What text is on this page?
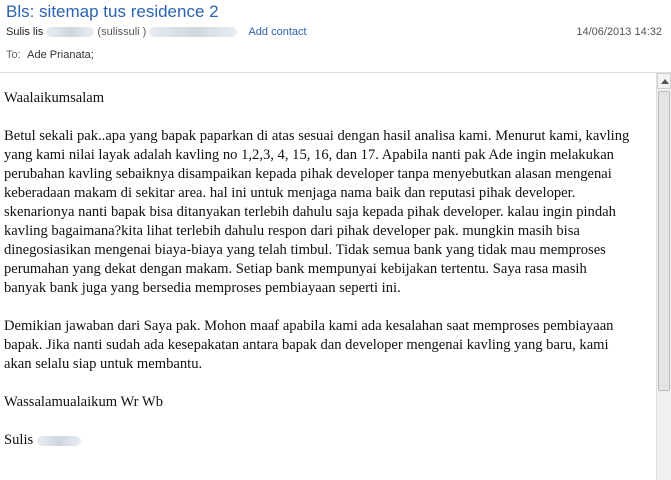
Bls: sitemap tus residence 2
Sulis lis	(sulissuli )	Add contact	14/06/2013 14:32
To: Ade Prianata;

Waalaikumsalam

Betul sekali pak..apa yang bapak paparkan di atas sesuai dengan hasil analisa kami. Menurut kami, kavling
yang kami nilai layak adalah kavling no 1,2,3, 4, 15, 16, dan 17. Apabila nanti pak Ade ingin melakukan
perubahan kavling sebaiknya disampaikan kepada pihak developer tanpa menyebutkan alasan mengenai
keberadaan makam di sekitar area. hal ini untuk menjaga nama baik dan reputasi pihak developer.
skenarionya nanti bapak bisa ditanyakan terlebih dahulu saja kepada pihak developer. kalau ingin pindah
kavling bagaimana?kita lihat terlebih dahulu respon dari pihak developer pak. mungkin masih bisa
dinegosiasikan mengenai biaya-biaya yang telah timbul. Tidak semua bank yang tidak mau memproses
perumahan yang dekat dengan makam. Setiap bank mempunyai kebijakan tertentu. Saya rasa masih
banyak bank juga yang bersedia memproses pembiayaan seperti ini.

Demikian jawaban dari Saya pak. Mohon maaf apabila kami ada kesalahan saat memproses pembiayaan
bapak. Jika nanti sudah ada kesepakatan antara bapak dan developer mengenai kavling yang baru, kami
akan selalu siap untuk membantu.

Wassalamualaikum Wr Wb

Sulis
